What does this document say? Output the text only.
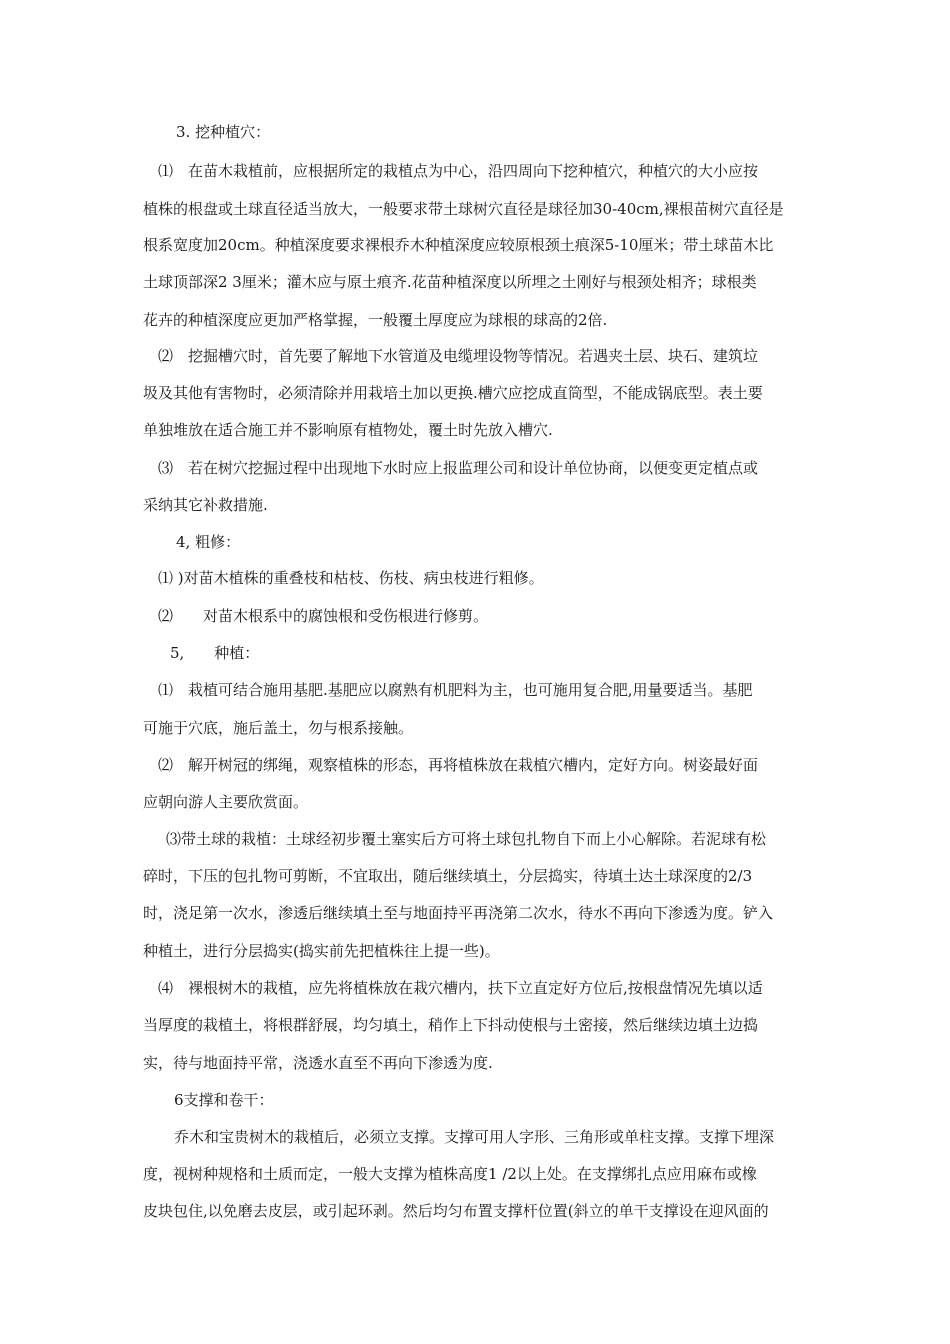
3. 挖种植穴：
⑴　在苗木栽植前，应根据所定的栽植点为中心，沿四周向下挖种植穴，种植穴的大小应按
植株的根盘或土球直径适当放大，一般要求带土球树穴直径是球径加30-40cm,裸根苗树穴直径是
根系宽度加20cm。种植深度要求裸根乔木种植深度应较原根颈土痕深5-10厘米；带土球苗木比
土球顶部深2 3厘米；灌木应与原土痕齐.花苗种植深度以所埋之土刚好与根颈处相齐；球根类
花卉的种植深度应更加严格掌握，一般覆土厚度应为球根的球高的2倍.
⑵　挖掘槽穴时，首先要了解地下水管道及电缆埋设物等情况。若遇夹土层、块石、建筑垃
圾及其他有害物时，必须清除并用栽培土加以更换.槽穴应挖成直筒型，不能成锅底型。表土要
单独堆放在适合施工并不影响原有植物处，覆土时先放入槽穴.
⑶　若在树穴挖掘过程中出现地下水时应上报监理公司和设计单位协商，以便变更定植点或
采纳其它补救措施.
4, 粗修：
⑴ )对苗木植株的重叠枝和枯枝、伤枝、病虫枝进行粗修。
⑵　　对苗木根系中的腐蚀根和受伤根进行修剪。
5,　　种植：
⑴　栽植可结合施用基肥.基肥应以腐熟有机肥料为主，也可施用复合肥,用量要适当。基肥
可施于穴底，施后盖土，勿与根系接触。
⑵　解开树冠的绑绳，观察植株的形态，再将植株放在栽植穴槽内，定好方向。树姿最好面
应朝向游人主要欣赏面。
⑶带土球的栽植：土球经初步覆土塞实后方可将土球包扎物自下而上小心解除。若泥球有松
碎时，下压的包扎物可剪断，不宜取出，随后继续填土，分层捣实，待填土达土球深度的2/3
时，浇足第一次水，渗透后继续填土至与地面持平再浇第二次水，待水不再向下渗透为度。铲入
种植土，进行分层捣实(捣实前先把植株往上提一些)。
⑷　裸根树木的栽植，应先将植株放在栽穴槽内，扶下立直定好方位后,按根盘情况先填以适
当厚度的栽植土，将根群舒展，均匀填土，稍作上下抖动使根与土密接，然后继续边填土边捣
实，待与地面持平常，浇透水直至不再向下渗透为度.
6支撑和卷干：
乔木和宝贵树木的栽植后，必须立支撑。支撑可用人字形、三角形或单柱支撑。支撑下埋深
度，视树种规格和土质而定，一般大支撑为植株高度1 /2以上处。在支撑绑扎点应用麻布或橡
皮块包住,以免磨去皮层，或引起环剥。然后均匀布置支撑杆位置(斜立的单干支撑设在迎风面的
